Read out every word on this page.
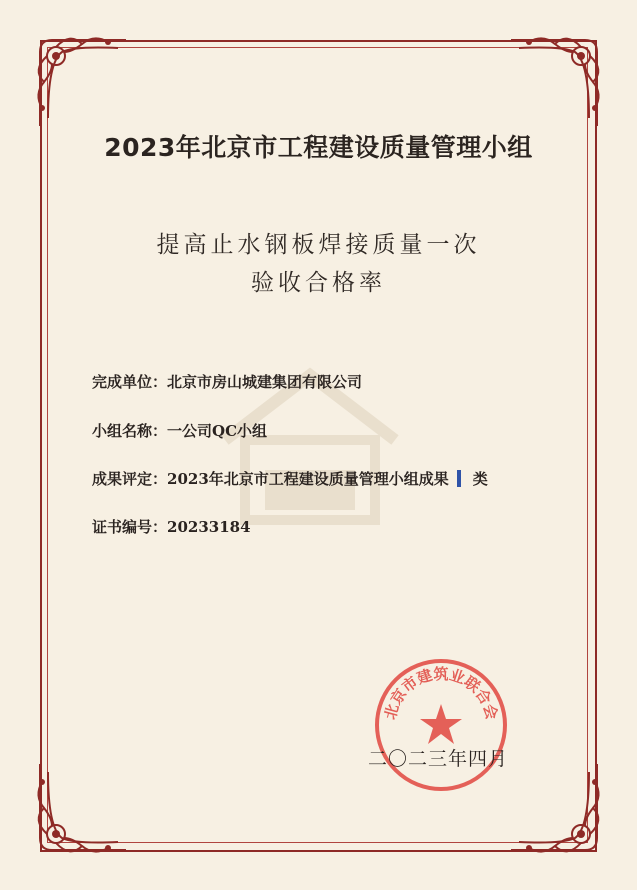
2023年北京市工程建设质量管理小组
提高止水钢板焊接质量一次
验收合格率
完成单位：北京市房山城建集团有限公司
小组名称：一公司QC小组
成果评定：2023年北京市工程建设质量管理小组成果 类
证书编号：20233184
北京市建筑业联合会
二〇二三年四月
